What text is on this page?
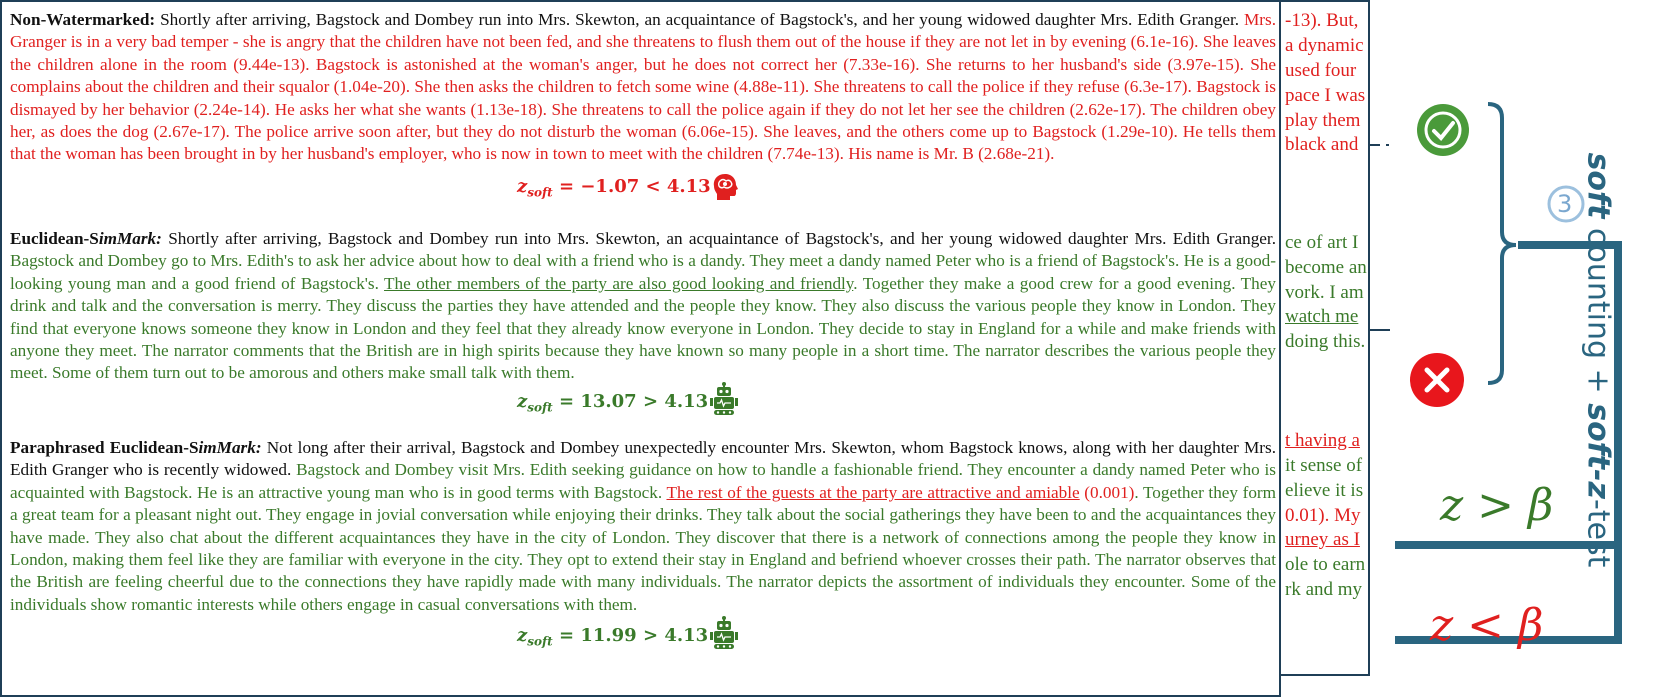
-13). But,
a dynamic
used four
pace I was
play them
black and
ce of art I
become an
vork. I am
watch me
doing this.
t having a
it sense of
elieve it is
0.01). My
urney as I
ole to earn
rk and my
Non-Watermarked: Shortly after arriving, Bagstock and Dombey run into Mrs. Skewton, an acquaintance of Bagstock's, and her young widowed daughter Mrs. Edith Granger. Mrs. Granger is in a very bad temper - she is angry that the children have not been fed, and she threatens to flush them out of the house if they are not let in by evening (6.1e-16). She leaves the children alone in the room (9.44e-13). Bagstock is astonished at the woman's anger, but he does not correct her (7.33e-16). She returns to her husband's side (3.97e-15). She complains about the children and their squalor (1.04e-20). She then asks the children to fetch some wine (4.88e-11). She threatens to call the police if they refuse (6.3e-17). Bagstock is dismayed by her behavior (2.24e-14). He asks her what she wants (1.13e-18). She threatens to call the police again if they do not let her see the children (2.62e-17). The children obey her, as does the dog (2.67e-17). The police arrive soon after, but they do not disturb the woman (6.06e-15). She leaves, and the others come up to Bagstock (1.29e-10). He tells them that the woman has been brought in by her husband's employer, who is now in town to meet with the children (7.74e-13). His name is Mr. B (2.68e-21).
$z_{soft} = -1.07 < 4.13$
Euclidean-SimMark: Shortly after arriving, Bagstock and Dombey run into Mrs. Skewton, an acquaintance of Bagstock's, and her young widowed daughter Mrs. Edith Granger. Bagstock and Dombey go to Mrs. Edith's to ask her advice about how to deal with a friend who is a dandy. They meet a dandy named Peter who is a friend of Bagstock's. He is a good-looking young man and a good friend of Bagstock's. The other members of the party are also good looking and friendly. Together they make a good crew for a good evening. They drink and talk and the conversation is merry. They discuss the parties they have attended and the people they know. They also discuss the various people they know in London. They find that everyone knows someone they know in London and they feel that they already know everyone in London. They decide to stay in England for a while and make friends with anyone they meet. The narrator comments that the British are in high spirits because they have known so many people in a short time. The narrator describes the various people they meet. Some of them turn out to be amorous and others make small talk with them.
$z_{soft} = 13.07 > 4.13$
Paraphrased Euclidean-SimMark: Not long after their arrival, Bagstock and Dombey unexpectedly encounter Mrs. Skewton, whom Bagstock knows, along with her daughter Mrs. Edith Granger who is recently widowed. Bagstock and Dombey visit Mrs. Edith seeking guidance on how to handle a fashionable friend. They encounter a dandy named Peter who is acquainted with Bagstock. He is an attractive young man who is in good terms with Bagstock. The rest of the guests at the party are attractive and amiable (0.001). Together they form a great team for a pleasant night out. They engage in jovial conversation while enjoying their drinks. They talk about the social gatherings they have been to and the acquaintances they have made. They also chat about the different acquaintances they have in the city of London. They discover that there is a network of connections among the people they know in London, making them feel like they are familiar with everyone in the city. They opt to extend their stay in England and befriend whoever crosses their path. The narrator observes that the British are feeling cheerful due to the connections they have rapidly made with many individuals. The narrator depicts the assortment of individuals they encounter. Some of the individuals show romantic interests while others engage in casual conversations with them.
$z_{soft} = 11.99 > 4.13$
3
z > β
z < β
soft counting + soft-z-test
